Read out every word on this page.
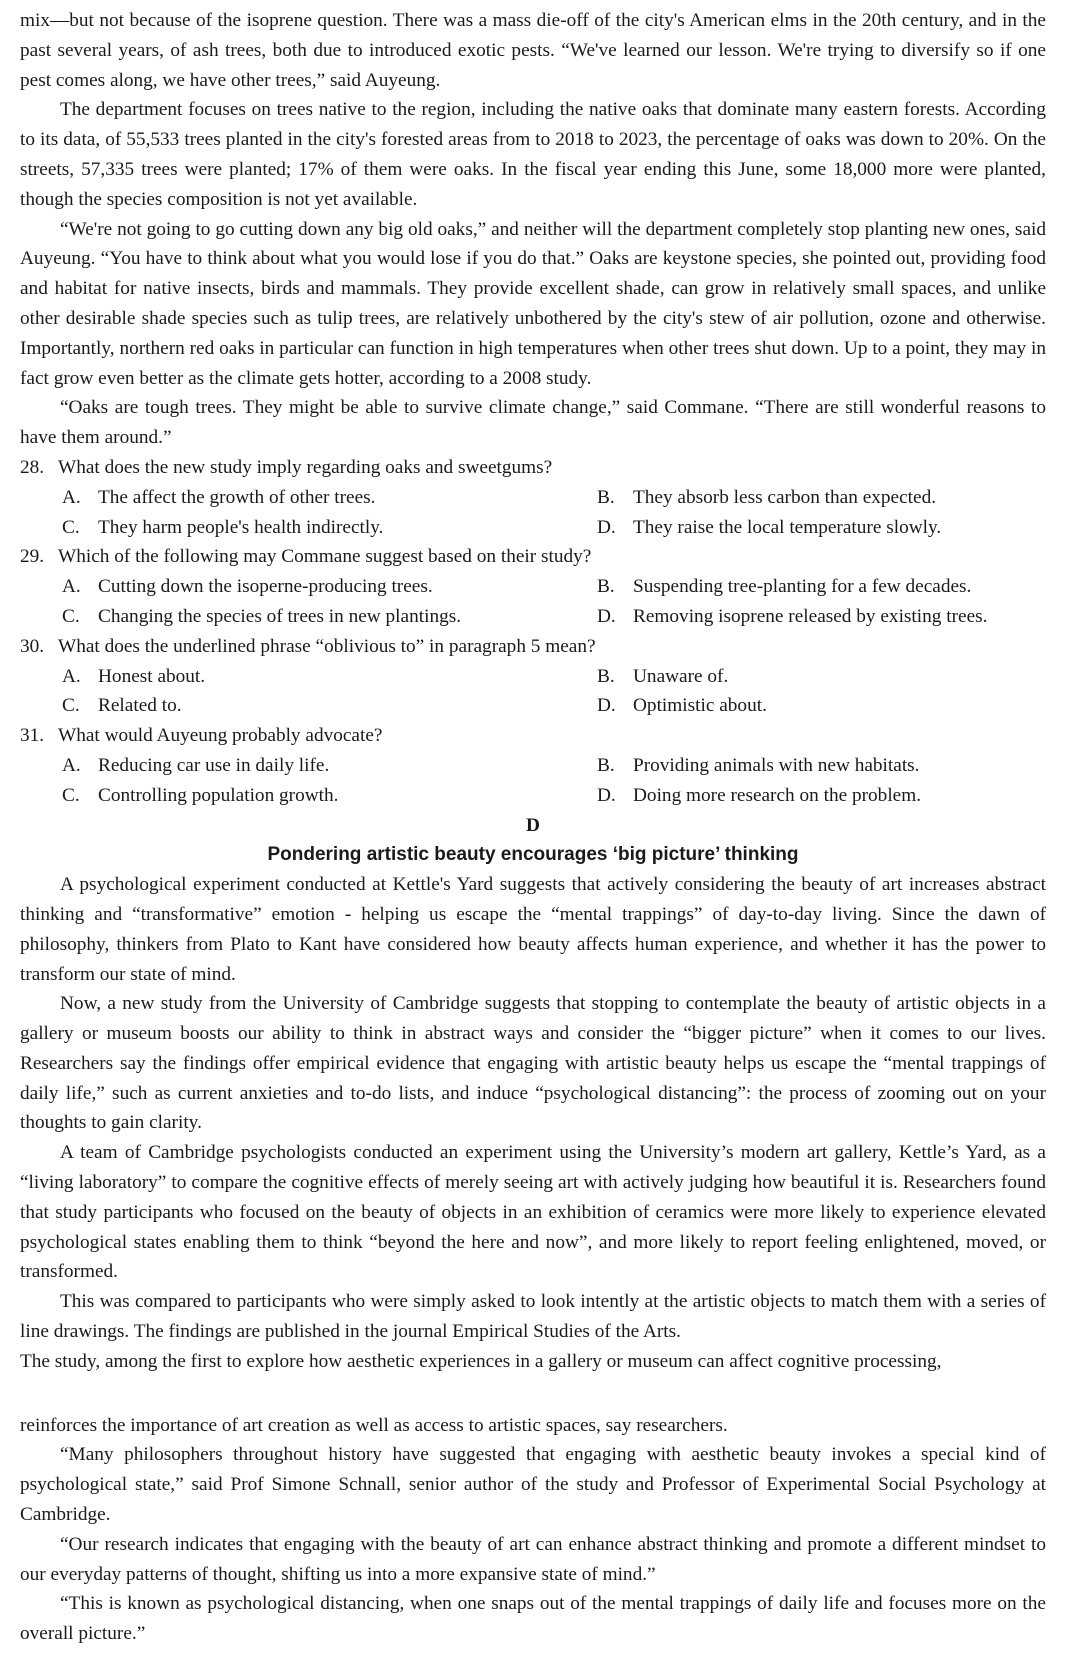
mix—but not because of the isoprene question. There was a mass die-off of the city's American elms in the 20th century, and in the past several years, of ash trees, both due to introduced exotic pests. “We've learned our lesson. We're trying to diversify so if one pest comes along, we have other trees,” said Auyeung.

The department focuses on trees native to the region, including the native oaks that dominate many eastern forests. According to its data, of 55,533 trees planted in the city's forested areas from to 2018 to 2023, the percentage of oaks was down to 20%. On the streets, 57,335 trees were planted; 17% of them were oaks. In the fiscal year ending this June, some 18,000 more were planted, though the species composition is not yet available.

“We're not going to go cutting down any big old oaks,” and neither will the department completely stop planting new ones, said Auyeung. “You have to think about what you would lose if you do that.” Oaks are keystone species, she pointed out, providing food and habitat for native insects, birds and mammals. They provide excellent shade, can grow in relatively small spaces, and unlike other desirable shade species such as tulip trees, are relatively unbothered by the city's stew of air pollution, ozone and otherwise. Importantly, northern red oaks in particular can function in high temperatures when other trees shut down. Up to a point, they may in fact grow even better as the climate gets hotter, according to a 2008 study.

“Oaks are tough trees. They might be able to survive climate change,” said Commane. “There are still wonderful reasons to have them around.”

28. What does the new study imply regarding oaks and sweetgums?
A. The affect the growth of other trees.	B. They absorb less carbon than expected.
C. They harm people's health indirectly.	D. They raise the local temperature slowly.
29. Which of the following may Commane suggest based on their study?
A. Cutting down the isoperne-producing trees.	B. Suspending tree-planting for a few decades.
C. Changing the species of trees in new plantings.	D. Removing isoprene released by existing trees.
30. What does the underlined phrase “oblivious to” in paragraph 5 mean?
A. Honest about.	B. Unaware of.
C. Related to.	D. Optimistic about.
31. What would Auyeung probably advocate?
A. Reducing car use in daily life.	B. Providing animals with new habitats.
C. Controlling population growth.	D. Doing more research on the problem.
D
Pondering artistic beauty encourages ‘big picture’ thinking

A psychological experiment conducted at Kettle's Yard suggests that actively considering the beauty of art increases abstract thinking and “transformative” emotion - helping us escape the “mental trappings” of day-to-day living. Since the dawn of philosophy, thinkers from Plato to Kant have considered how beauty affects human experience, and whether it has the power to transform our state of mind.

Now, a new study from the University of Cambridge suggests that stopping to contemplate the beauty of artistic objects in a gallery or museum boosts our ability to think in abstract ways and consider the “bigger picture” when it comes to our lives. Researchers say the findings offer empirical evidence that engaging with artistic beauty helps us escape the “mental trappings of daily life,” such as current anxieties and to-do lists, and induce “psychological distancing”: the process of zooming out on your thoughts to gain clarity.

A team of Cambridge psychologists conducted an experiment using the University’s modern art gallery, Kettle’s Yard, as a “living laboratory” to compare the cognitive effects of merely seeing art with actively judging how beautiful it is. Researchers found that study participants who focused on the beauty of objects in an exhibition of ceramics were more likely to experience elevated psychological states enabling them to think “beyond the here and now”, and more likely to report feeling enlightened, moved, or transformed.

This was compared to participants who were simply asked to look intently at the artistic objects to match them with a series of line drawings. The findings are published in the journal Empirical Studies of the Arts.

The study, among the first to explore how aesthetic experiences in a gallery or museum can affect cognitive processing,

reinforces the importance of art creation as well as access to artistic spaces, say researchers.

“Many philosophers throughout history have suggested that engaging with aesthetic beauty invokes a special kind of psychological state,” said Prof Simone Schnall, senior author of the study and Professor of Experimental Social Psychology at Cambridge.

“Our research indicates that engaging with the beauty of art can enhance abstract thinking and promote a different mindset to our everyday patterns of thought, shifting us into a more expansive state of mind.”

“This is known as psychological distancing, when one snaps out of the mental trappings of daily life and focuses more on the overall picture.”
